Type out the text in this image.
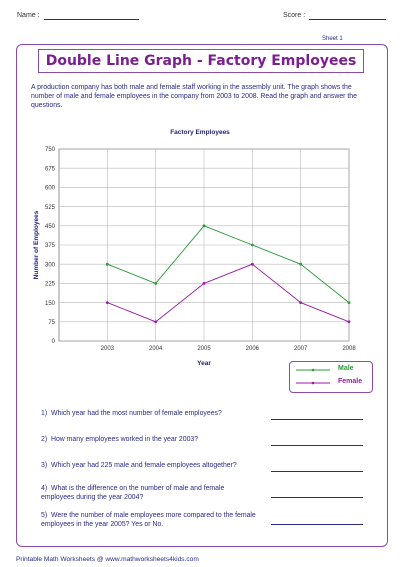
Name :	Score :
Sheet 1
Double Line Graph - Factory Employees
A production company has both male and female staff working in the assembly unit. The graph shows the number of male and female employees in the company from 2003 to 2008. Read the graph and answer the questions.
Factory Employees
0
75
150
225
300
375
450
525
600
675
750
2003	2004	2005	2006	2007	2008
Number of Employees
Year
Male
Female
1) Which year had the most number of female employees?
2) How many employees worked in the year 2003?
3) Which year had 225 male and female employees altogether?
4) What is the difference on the number of male and female employees during the year 2004?
5) Were the number of male employees more compared to the female employees in the year 2005? Yes or No.
Printable Math Worksheets @ www.mathworksheets4kids.com
